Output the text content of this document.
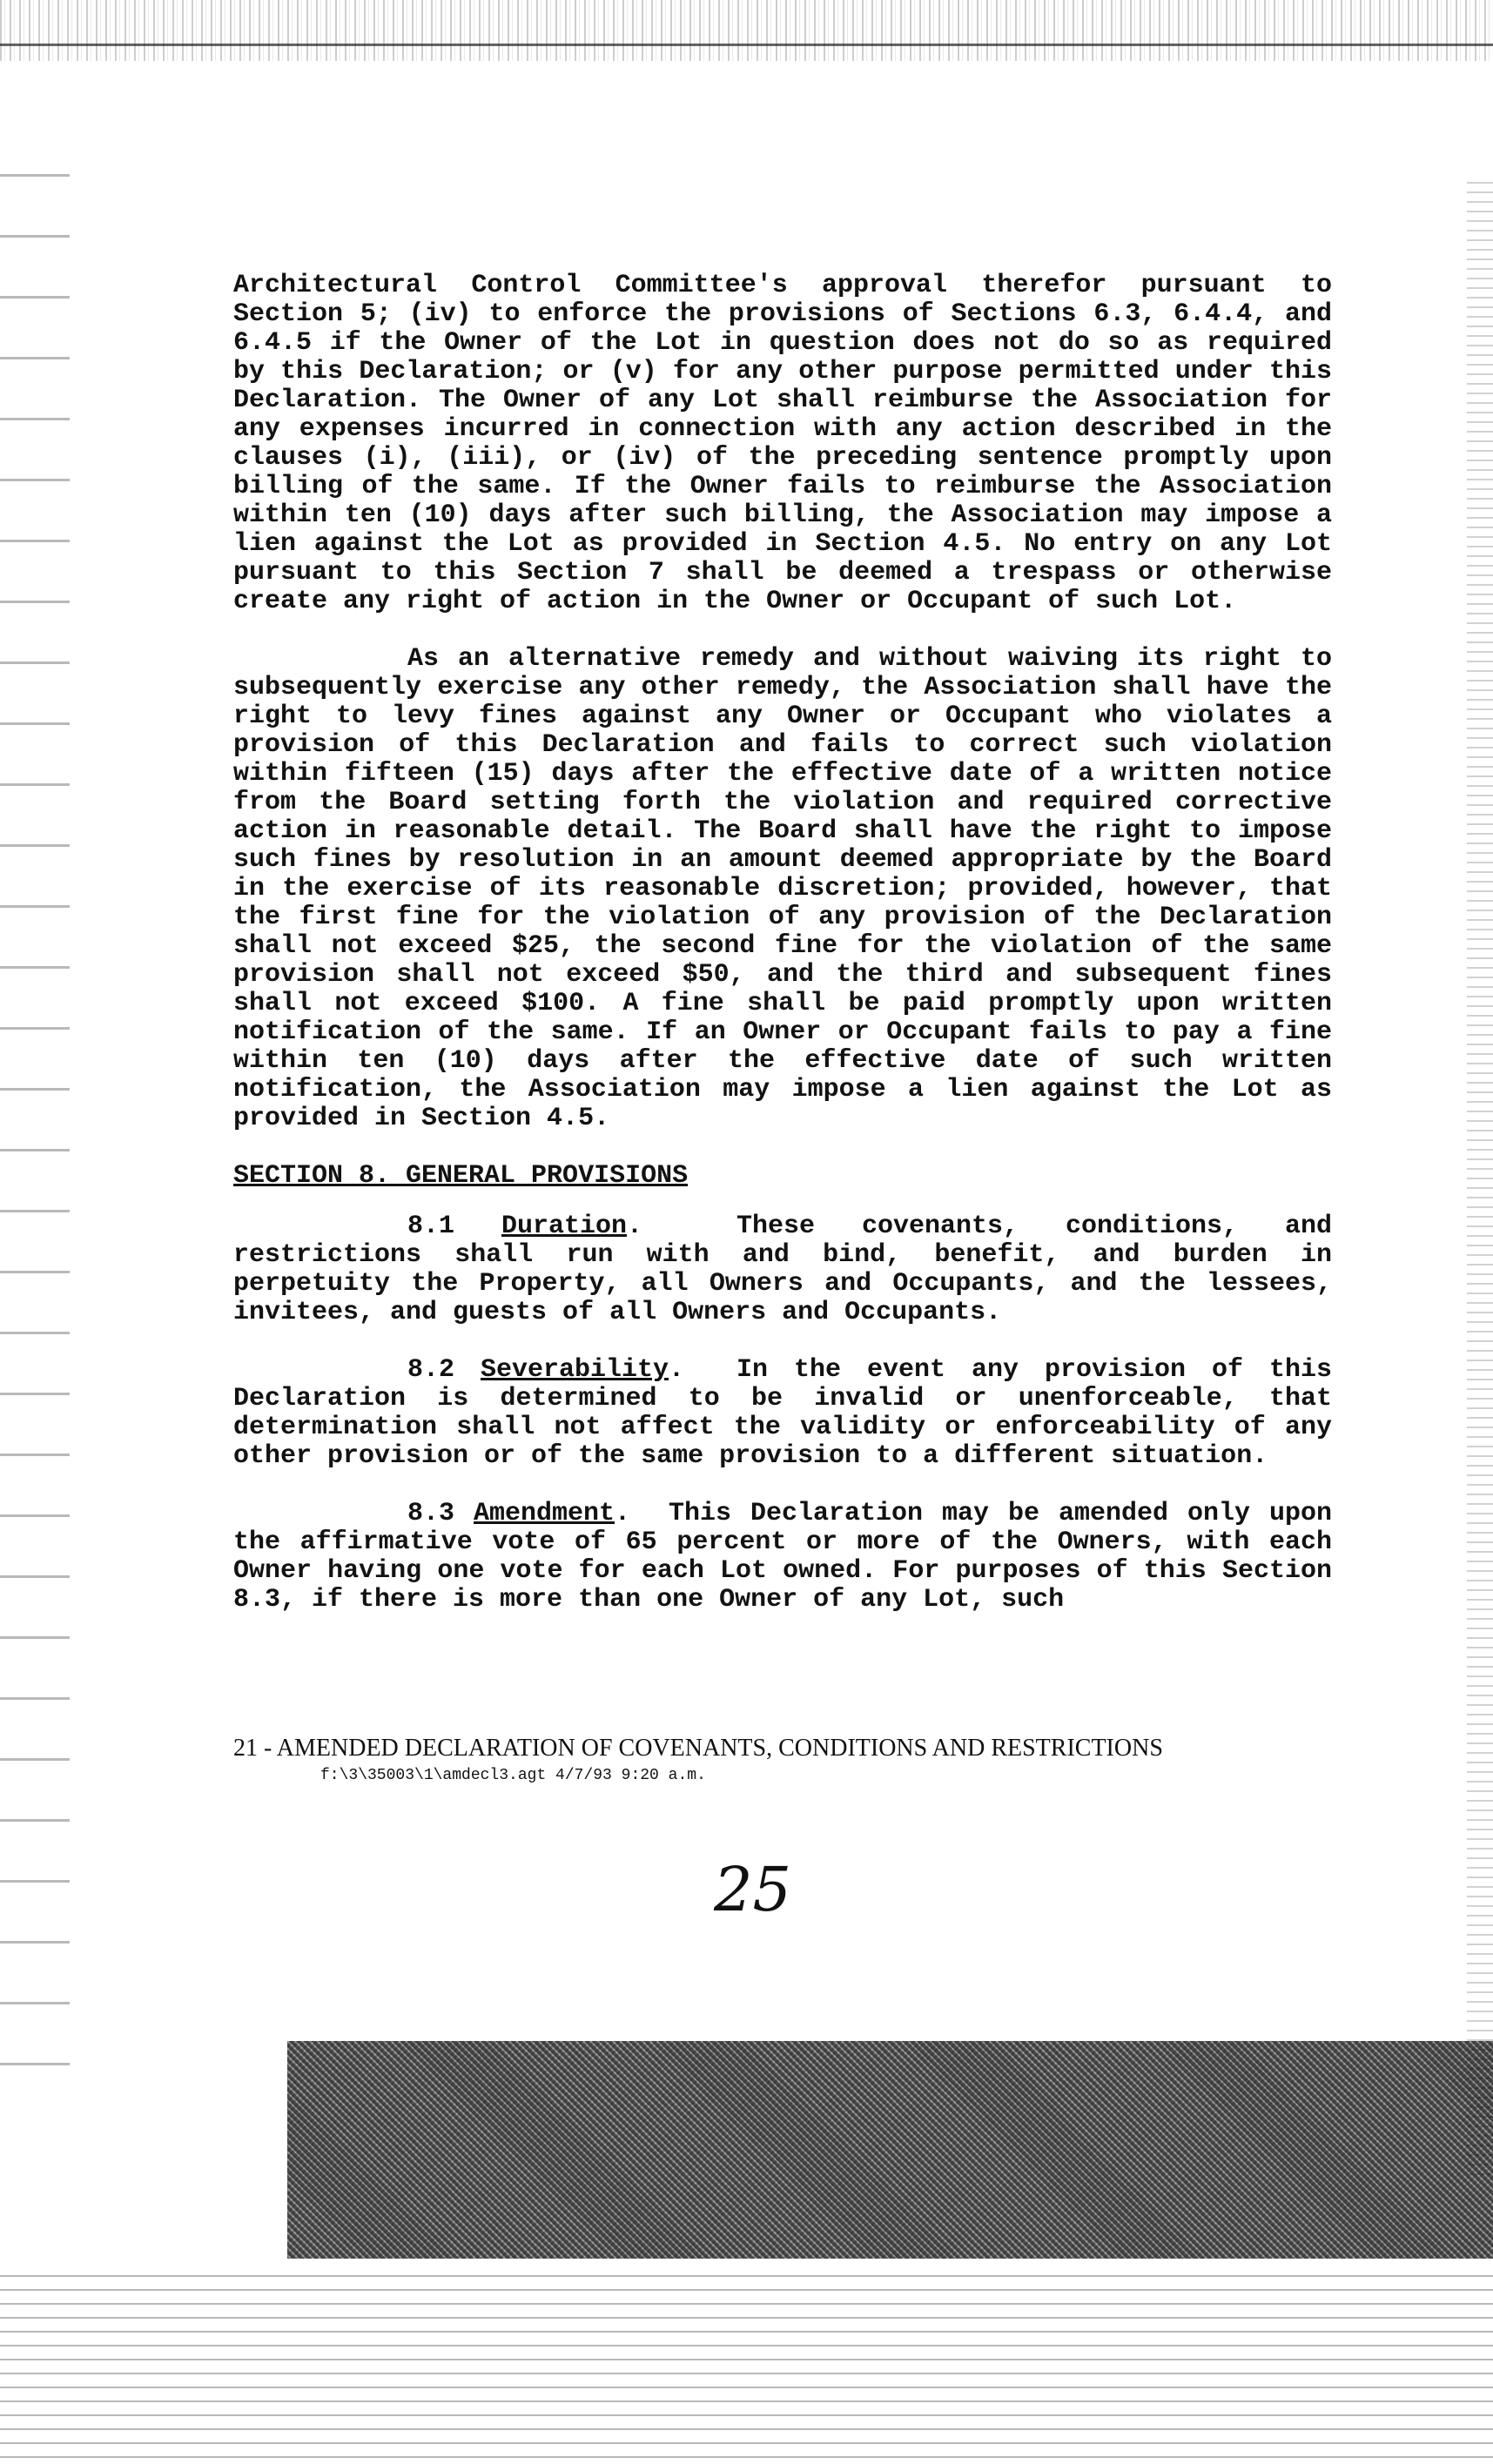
Architectural Control Committee's approval therefor pursuant to Section 5; (iv) to enforce the provisions of Sections 6.3, 6.4.4, and 6.4.5 if the Owner of the Lot in question does not do so as required by this Declaration; or (v) for any other purpose permitted under this Declaration. The Owner of any Lot shall reimburse the Association for any expenses incurred in connection with any action described in the clauses (i), (iii), or (iv) of the preceding sentence promptly upon billing of the same. If the Owner fails to reimburse the Association within ten (10) days after such billing, the Association may impose a lien against the Lot as provided in Section 4.5. No entry on any Lot pursuant to this Section 7 shall be deemed a trespass or otherwise create any right of action in the Owner or Occupant of such Lot.

As an alternative remedy and without waiving its right to subsequently exercise any other remedy, the Association shall have the right to levy fines against any Owner or Occupant who violates a provision of this Declaration and fails to correct such violation within fifteen (15) days after the effective date of a written notice from the Board setting forth the violation and required corrective action in reasonable detail. The Board shall have the right to impose such fines by resolution in an amount deemed appropriate by the Board in the exercise of its reasonable discretion; provided, however, that the first fine for the violation of any provision of the Declaration shall not exceed $25, the second fine for the violation of the same provision shall not exceed $50, and the third and subsequent fines shall not exceed $100. A fine shall be paid promptly upon written notification of the same. If an Owner or Occupant fails to pay a fine within ten (10) days after the effective date of such written notification, the Association may impose a lien against the Lot as provided in Section 4.5.

SECTION 8. GENERAL PROVISIONS

8.1 Duration.  These covenants, conditions, and restrictions shall run with and bind, benefit, and burden in perpetuity the Property, all Owners and Occupants, and the lessees, invitees, and guests of all Owners and Occupants.

8.2 Severability.  In the event any provision of this Declaration is determined to be invalid or unenforceable, that determination shall not affect the validity or enforceability of any other provision or of the same provision to a different situation.

8.3 Amendment.  This Declaration may be amended only upon the affirmative vote of 65 percent or more of the Owners, with each Owner having one vote for each Lot owned. For purposes of this Section 8.3, if there is more than one Owner of any Lot, such

21 - AMENDED DECLARATION OF COVENANTS, CONDITIONS AND RESTRICTIONS
f:\3\35003\1\amdecl3.agt 4/7/93 9:20 a.m.
25
